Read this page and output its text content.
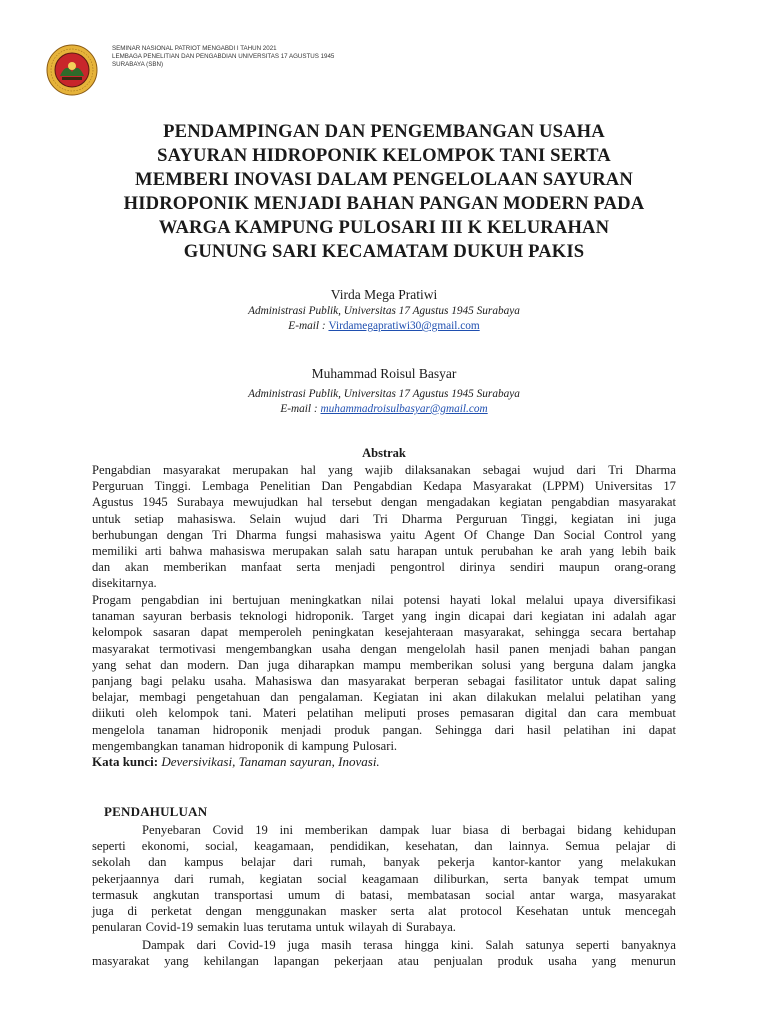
SEMINAR NASIONAL PATRIOT MENGABDI I TAHUN 2021
LEMBAGA PENELITIAN DAN PENGABDIAN UNIVERSITAS 17 AGUSTUS 1945
SURABAYA (SBN)
PENDAMPINGAN DAN PENGEMBANGAN USAHA
SAYURAN HIDROPONIK KELOMPOK TANI SERTA
MEMBERI INOVASI DALAM PENGELOLAAN SAYURAN
HIDROPONIK MENJADI BAHAN PANGAN MODERN PADA
WARGA KAMPUNG PULOSARI III K KELURAHAN
GUNUNG SARI KECAMATAM DUKUH PAKIS
Virda Mega Pratiwi
Administrasi Publik, Universitas 17 Agustus 1945 Surabaya
E-mail : Virdamegapratiwi30@gmail.com
Muhammad Roisul Basyar
Administrasi Publik, Universitas 17 Agustus 1945 Surabaya
E-mail : muhammadroisulbasyar@gmail.com
Abstrak
Pengabdian masyarakat merupakan hal yang wajib dilaksanakan sebagai wujud dari Tri Dharma
Perguruan Tinggi. Lembaga Penelitian Dan Pengabdian Kedapa Masyarakat (LPPM) Universitas 17
Agustus 1945 Surabaya mewujudkan hal tersebut dengan mengadakan kegiatan pengabdian masyarakat
untuk setiap mahasiswa. Selain wujud dari Tri Dharma Perguruan Tinggi, kegiatan ini juga
berhubungan dengan Tri Dharma fungsi mahasiswa yaitu Agent Of Change Dan Social Control yang
memiliki arti bahwa mahasiswa merupakan salah satu harapan untuk perubahan ke arah yang lebih baik
dan akan memberikan manfaat serta menjadi pengontrol dirinya sendiri maupun orang-orang
disekitarnya.
Progam pengabdian ini bertujuan meningkatkan nilai potensi hayati lokal melalui upaya diversifikasi
tanaman sayuran berbasis teknologi hidroponik. Target yang ingin dicapai dari kegiatan ini adalah agar
kelompok sasaran dapat memperoleh peningkatan kesejahteraan masyarakat, sehingga secara bertahap
masyarakat termotivasi mengembangkan usaha dengan mengelolah hasil panen menjadi bahan pangan
yang sehat dan modern. Dan juga diharapkan mampu memberikan solusi yang berguna dalam jangka
panjang bagi pelaku usaha. Mahasiswa dan masyarakat berperan sebagai fasilitator untuk dapat saling
belajar, membagi pengetahuan dan pengalaman. Kegiatan ini akan dilakukan melalui pelatihan yang
diikuti oleh kelompok tani. Materi pelatihan meliputi proses pemasaran digital dan cara membuat
mengelola tanaman hidroponik menjadi produk pangan. Sehingga dari hasil pelatihan ini dapat
mengembangkan tanaman hidroponik di kampung Pulosari.
Kata kunci: Deversivikasi, Tanaman sayuran, Inovasi.
PENDAHULUAN
Penyebaran Covid 19 ini memberikan dampak luar biasa di berbagai bidang kehidupan
seperti ekonomi, social, keagamaan, pendidikan, kesehatan, dan lainnya. Semua pelajar di
sekolah dan kampus belajar dari rumah, banyak pekerja kantor-kantor yang melakukan
pekerjaannya dari rumah, kegiatan social keagamaan diliburkan, serta banyak tempat umum
termasuk angkutan transportasi umum di batasi, membatasan social antar warga, masyarakat
juga di perketat dengan menggunakan masker serta alat protocol Kesehatan untuk mencegah
penularan Covid-19 semakin luas terutama untuk wilayah di Surabaya.
Dampak dari Covid-19 juga masih terasa hingga kini. Salah satunya seperti banyaknya
masyarakat yang kehilangan lapangan pekerjaan atau penjualan produk usaha yang menurun
